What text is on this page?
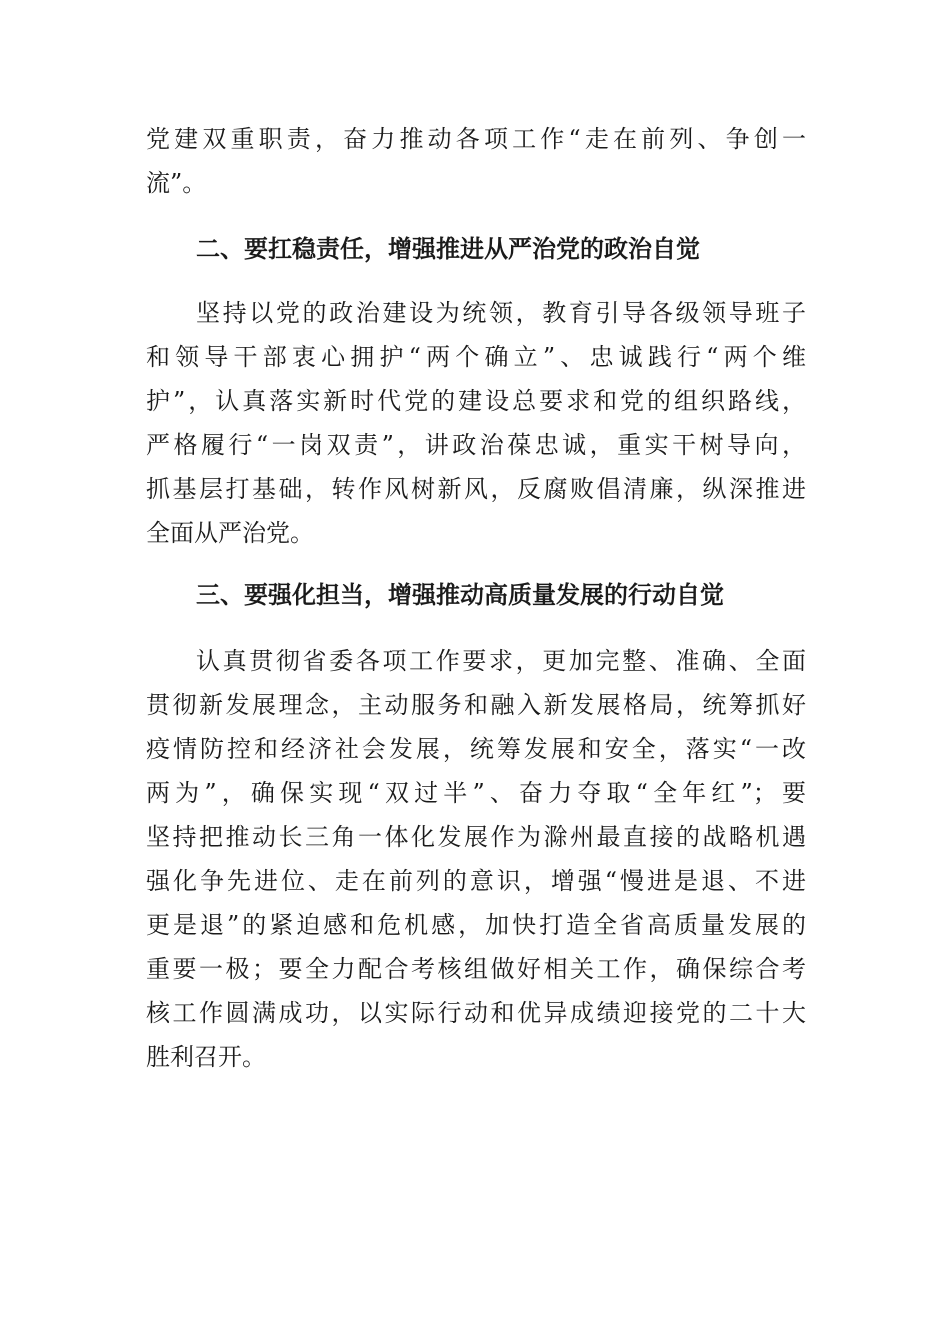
党建双重职责，奋力推动各项工作“走在前列、争创一
流”。
二、要扛稳责任，增强推进从严治党的政治自觉
坚持以党的政治建设为统领，教育引导各级领导班子
和领导干部衷心拥护“两个确立”、忠诚践行“两个维
护”，认真落实新时代党的建设总要求和党的组织路线，
严格履行“一岗双责”，讲政治葆忠诚，重实干树导向，
抓基层打基础，转作风树新风，反腐败倡清廉，纵深推进
全面从严治党。
三、要强化担当，增强推动高质量发展的行动自觉
认真贯彻省委各项工作要求，更加完整、准确、全面
贯彻新发展理念，主动服务和融入新发展格局，统筹抓好
疫情防控和经济社会发展，统筹发展和安全，落实“一改
两为”，确保实现“双过半”、奋力夺取“全年红”；要
坚持把推动长三角一体化发展作为滁州最直接的战略机遇
强化争先进位、走在前列的意识，增强“慢进是退、不进
更是退”的紧迫感和危机感，加快打造全省高质量发展的
重要一极；要全力配合考核组做好相关工作，确保综合考
核工作圆满成功，以实际行动和优异成绩迎接党的二十大
胜利召开。
